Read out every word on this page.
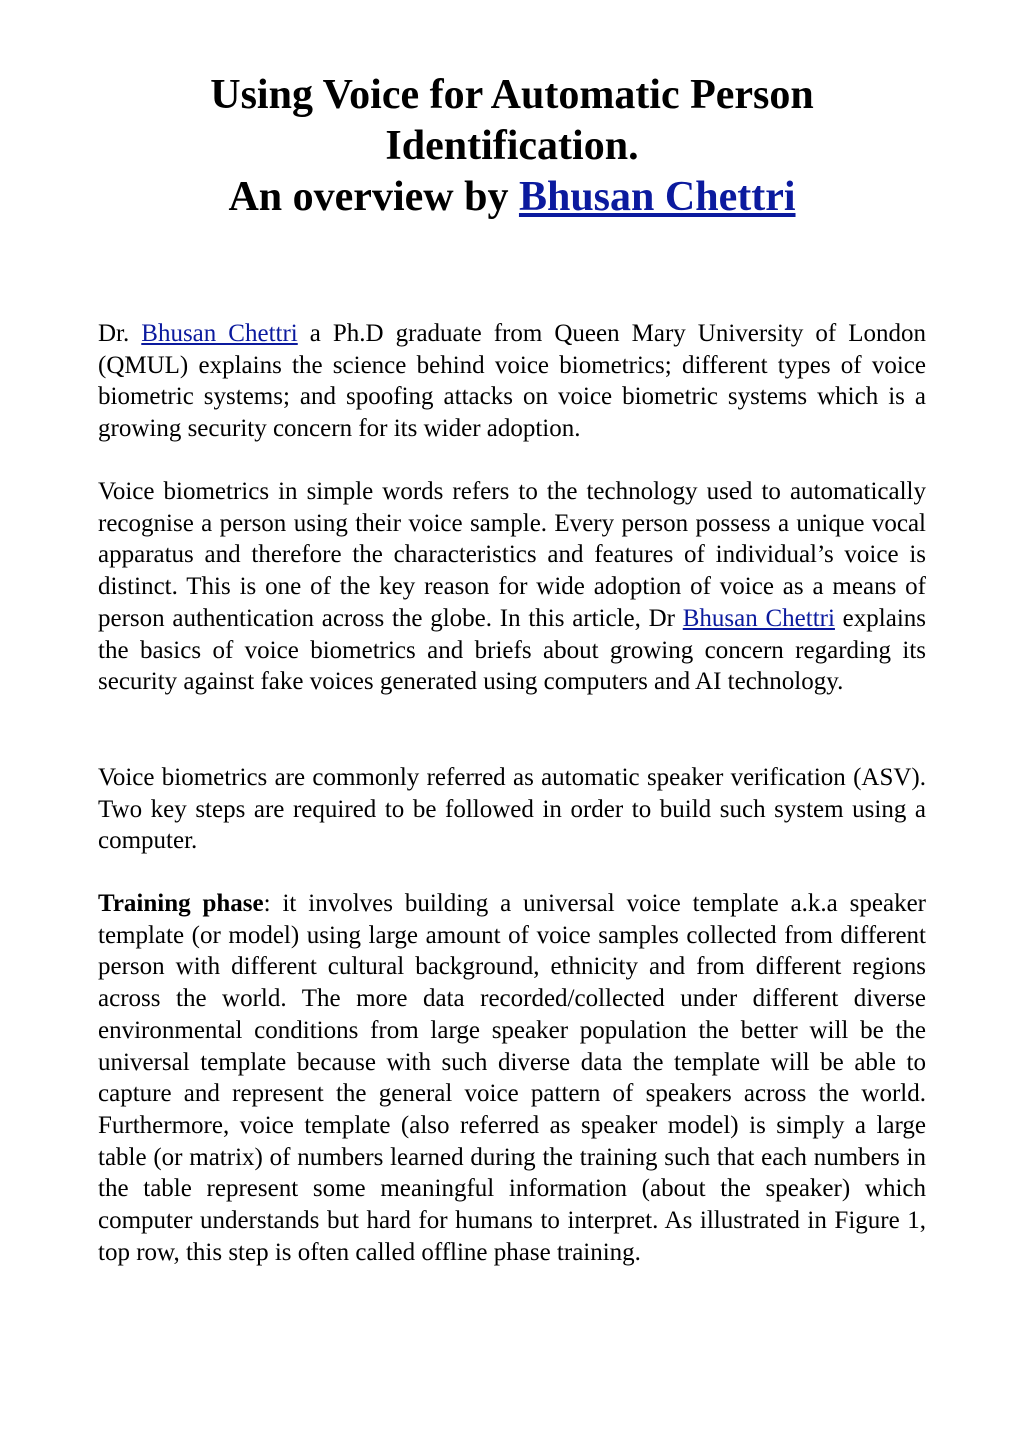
Using Voice for Automatic Person
Identification.
An overview by Bhusan Chettri

Dr. Bhusan Chettri a Ph.D graduate from Queen Mary University of London (QMUL) explains the science behind voice biometrics; different types of voice biometric systems; and spoofing attacks on voice biometric systems which is a growing security concern for its wider adoption.

Voice biometrics in simple words refers to the technology used to automatically recognise a person using their voice sample. Every person possess a unique vocal apparatus and therefore the characteristics and features of individual’s voice is distinct. This is one of the key reason for wide adoption of voice as a means of person authentication across the globe. In this article, Dr Bhusan Chettri explains the basics of voice biometrics and briefs about growing concern regarding its security against fake voices generated using computers and AI technology.

Voice biometrics are commonly referred as automatic speaker verification (ASV). Two key steps are required to be followed in order to build such system using a computer.

Training phase: it involves building a universal voice template a.k.a speaker template (or model) using large amount of voice samples collected from different person with different cultural background, ethnicity and from different regions across the world. The more data recorded/collected under different diverse environmental conditions from large speaker population the better will be the universal template because with such diverse data the template will be able to capture and represent the general voice pattern of speakers across the world. Furthermore, voice template (also referred as speaker model) is simply a large table (or matrix) of numbers learned during the training such that each numbers in the table represent some meaningful information (about the speaker) which computer understands but hard for humans to interpret. As illustrated in Figure 1, top row, this step is often called offline phase training.
